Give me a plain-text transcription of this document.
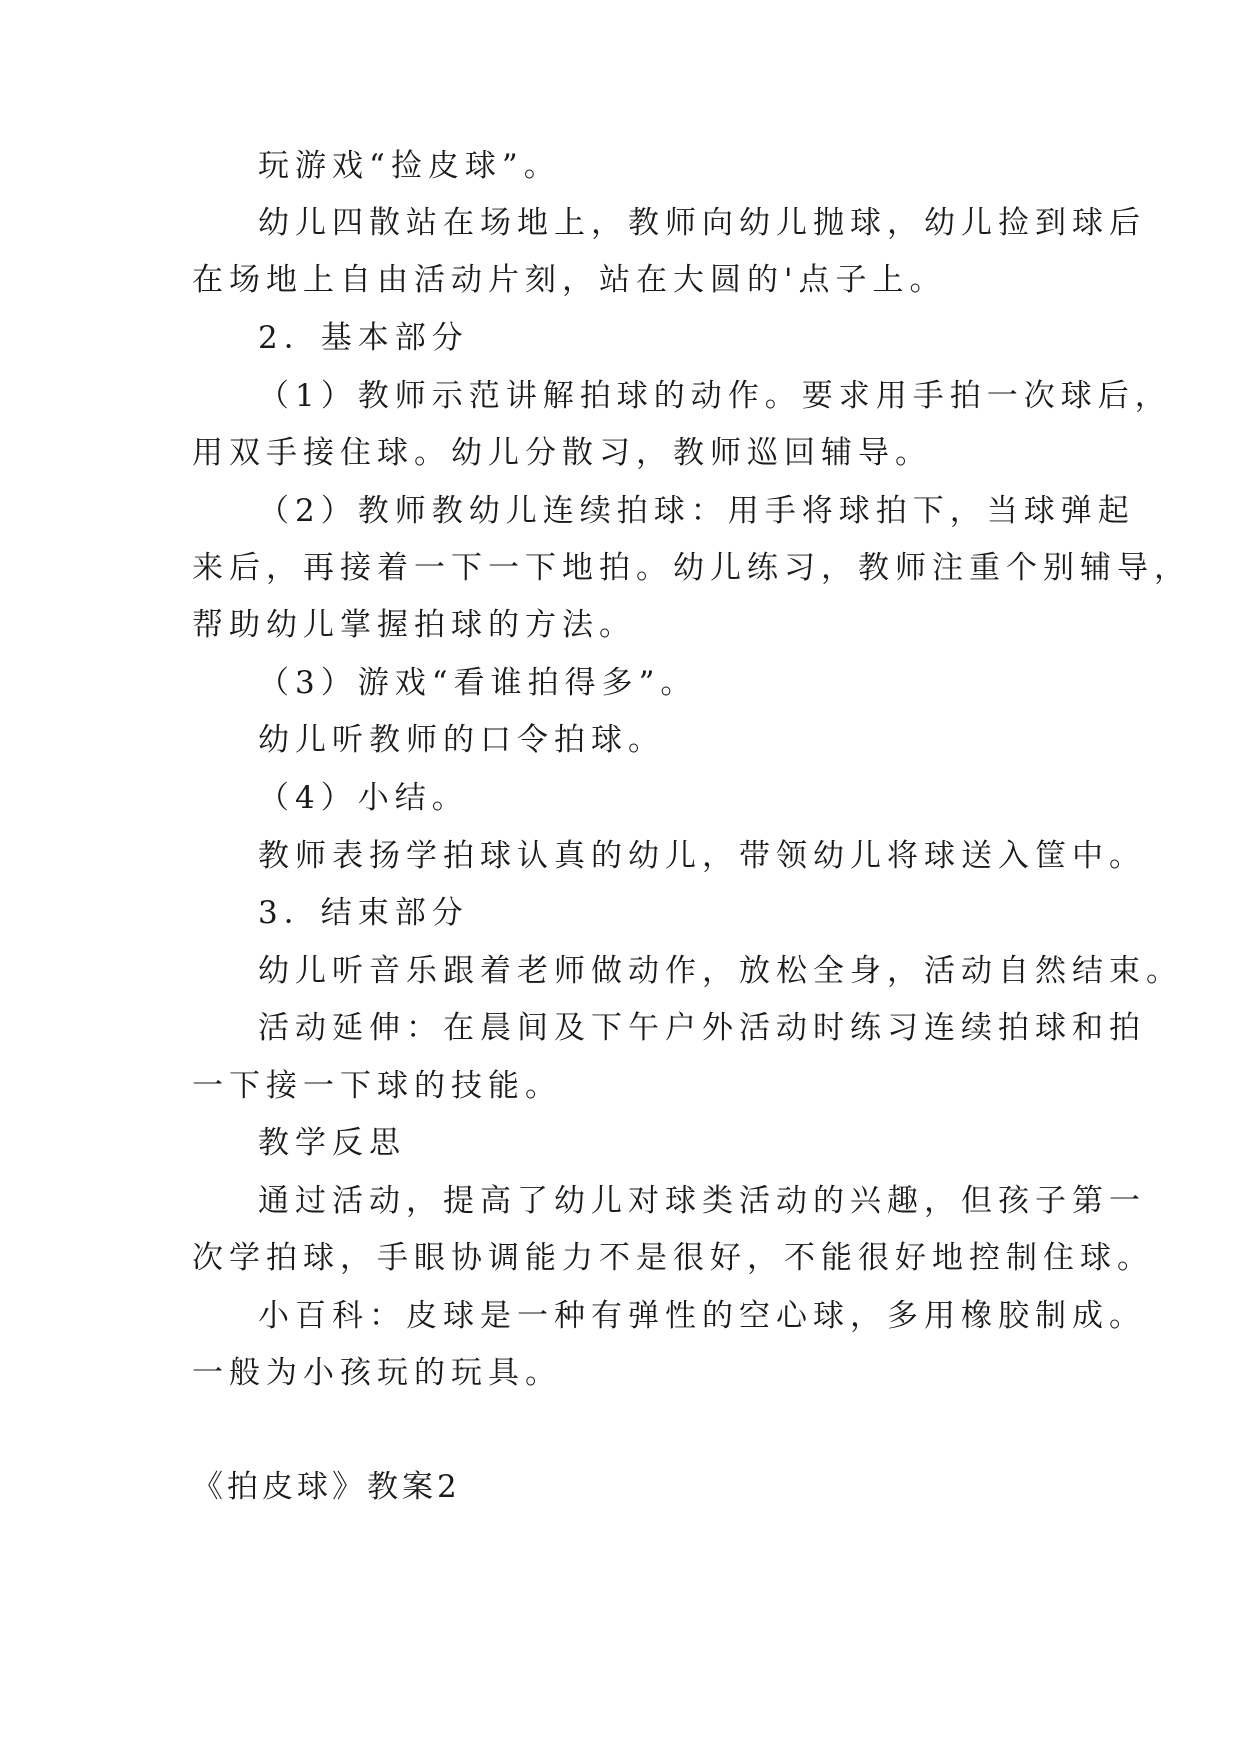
玩游戏“捡皮球”。
幼儿四散站在场地上，教师向幼儿抛球，幼儿捡到球后
在场地上自由活动片刻，站在大圆的'点子上。
2．基本部分
（1）教师示范讲解拍球的动作。要求用手拍一次球后，
用双手接住球。幼儿分散习，教师巡回辅导。
（2）教师教幼儿连续拍球：用手将球拍下，当球弹起
来后，再接着一下一下地拍。幼儿练习，教师注重个别辅导，
帮助幼儿掌握拍球的方法。
（3）游戏“看谁拍得多”。
幼儿听教师的口令拍球。
（4）小结。
教师表扬学拍球认真的幼儿，带领幼儿将球送入筐中。
3．结束部分
幼儿听音乐跟着老师做动作，放松全身，活动自然结束。
活动延伸：在晨间及下午户外活动时练习连续拍球和拍
一下接一下球的技能。
教学反思
通过活动，提高了幼儿对球类活动的兴趣，但孩子第一
次学拍球，手眼协调能力不是很好，不能很好地控制住球。
小百科：皮球是一种有弹性的空心球，多用橡胶制成。
一般为小孩玩的玩具。
《拍皮球》教案2
